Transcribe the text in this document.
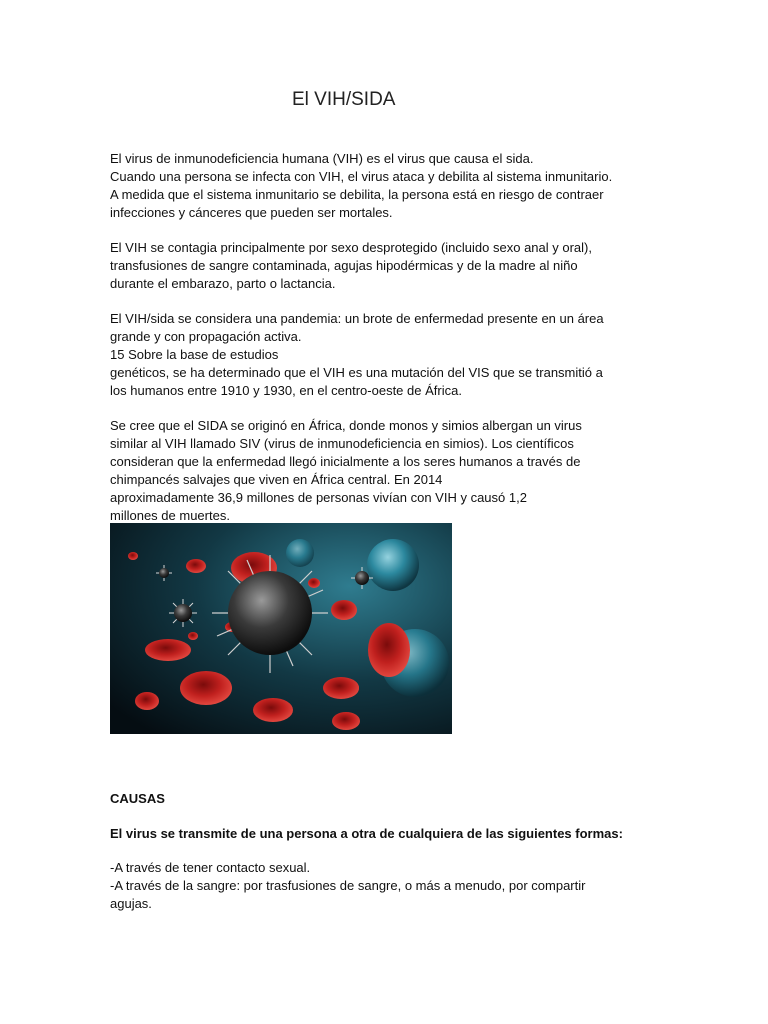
El VIH/SIDA

El virus de inmunodeficiencia humana (VIH) es el virus que causa el sida.
Cuando una persona se infecta con VIH, el virus ataca y debilita al sistema inmunitario.
A medida que el sistema inmunitario se debilita, la persona está en riesgo de contraer
infecciones y cánceres que pueden ser mortales.

El VIH se contagia principalmente por sexo desprotegido (incluido sexo anal y oral),
transfusiones de sangre contaminada, agujas hipodérmicas y de la madre al niño
durante el embarazo, parto o lactancia.

El VIH/sida se considera una pandemia: un brote de enfermedad presente en un área
grande y con propagación activa.
15 Sobre la base de estudios
genéticos, se ha determinado que el VIH es una mutación del VIS que se transmitió a
los humanos entre 1910 y 1930, en el centro-oeste de África.

Se cree que el SIDA se originó en África, donde monos y simios albergan un virus
similar al VIH llamado SIV (virus de inmunodeficiencia en simios). Los científicos
consideran que la enfermedad llegó inicialmente a los seres humanos a través de
chimpancés salvajes que viven en África central. En 2014
aproximadamente 36,9 millones de personas vivían con VIH y causó 1,2
millones de muertes.

CAUSAS
El virus se transmite de una persona a otra de cualquiera de las siguientes formas:

-A través de tener contacto sexual.
-A través de la sangre: por trasfusiones de sangre, o más a menudo, por compartir
agujas.
